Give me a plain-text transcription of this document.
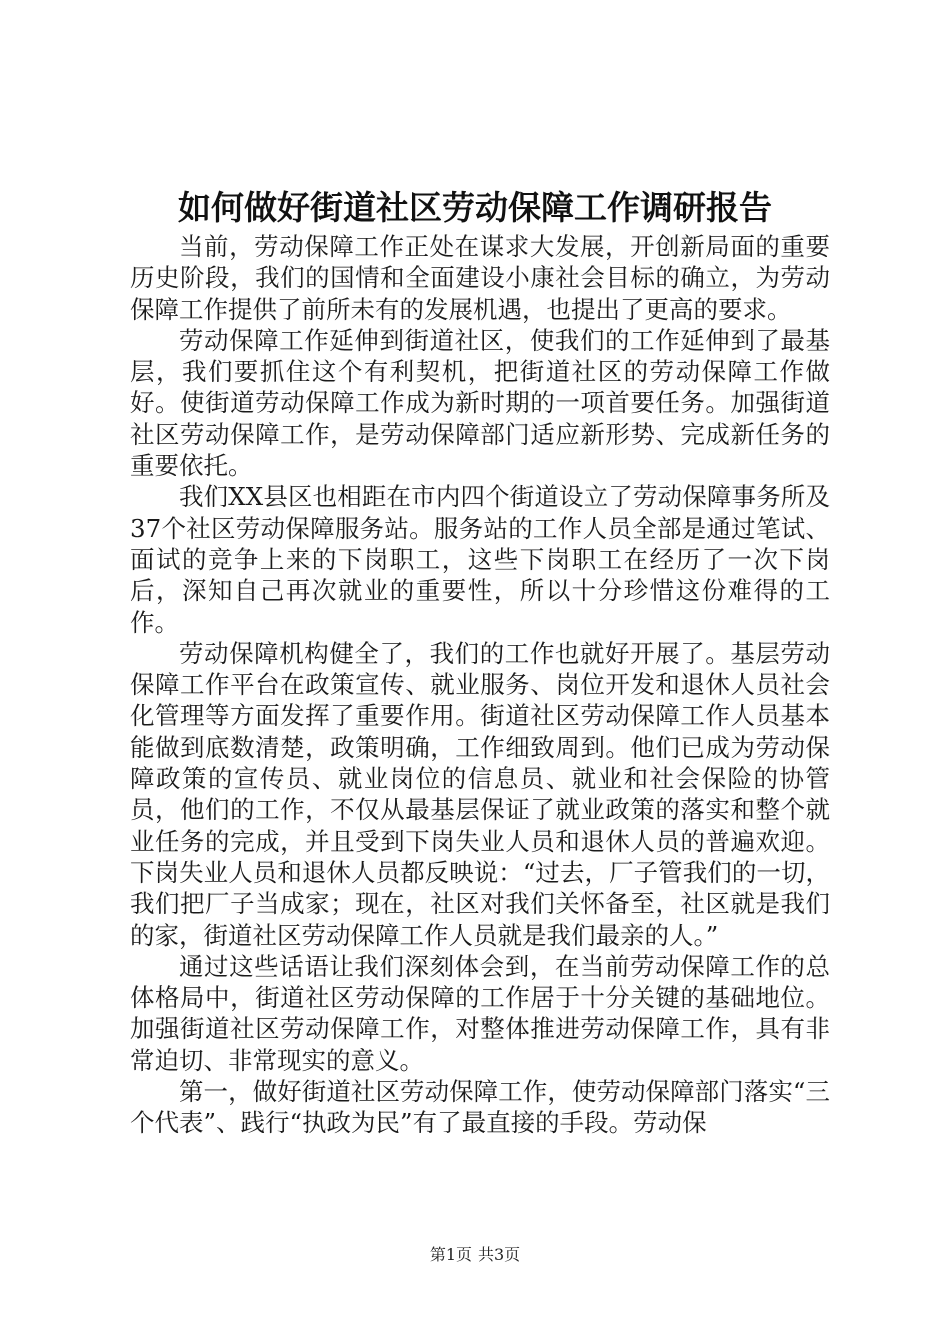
如何做好街道社区劳动保障工作调研报告

当前，劳动保障工作正处在谋求大发展，开创新局面的重要历史阶段，我们的国情和全面建设小康社会目标的确立，为劳动保障工作提供了前所未有的发展机遇，也提出了更高的要求。

劳动保障工作延伸到街道社区，使我们的工作延伸到了最基层，我们要抓住这个有利契机，把街道社区的劳动保障工作做好。使街道劳动保障工作成为新时期的一项首要任务。加强街道社区劳动保障工作，是劳动保障部门适应新形势、完成新任务的重要依托。

我们XX县区也相距在市内四个街道设立了劳动保障事务所及37个社区劳动保障服务站。服务站的工作人员全部是通过笔试、面试的竞争上来的下岗职工，这些下岗职工在经历了一次下岗后，深知自己再次就业的重要性，所以十分珍惜这份难得的工作。

劳动保障机构健全了，我们的工作也就好开展了。基层劳动保障工作平台在政策宣传、就业服务、岗位开发和退休人员社会化管理等方面发挥了重要作用。街道社区劳动保障工作人员基本能做到底数清楚，政策明确，工作细致周到。他们已成为劳动保障政策的宣传员、就业岗位的信息员、就业和社会保险的协管员，他们的工作，不仅从最基层保证了就业政策的落实和整个就业任务的完成，并且受到下岗失业人员和退休人员的普遍欢迎。下岗失业人员和退休人员都反映说：“过去，厂子管我们的一切，我们把厂子当成家；现在，社区对我们关怀备至，社区就是我们的家，街道社区劳动保障工作人员就是我们最亲的人。”

通过这些话语让我们深刻体会到，在当前劳动保障工作的总体格局中，街道社区劳动保障的工作居于十分关键的基础地位。加强街道社区劳动保障工作，对整体推进劳动保障工作，具有非常迫切、非常现实的意义。

第一，做好街道社区劳动保障工作，使劳动保障部门落实“三个代表”、践行“执政为民”有了最直接的手段。劳动保

第1页 共3页
